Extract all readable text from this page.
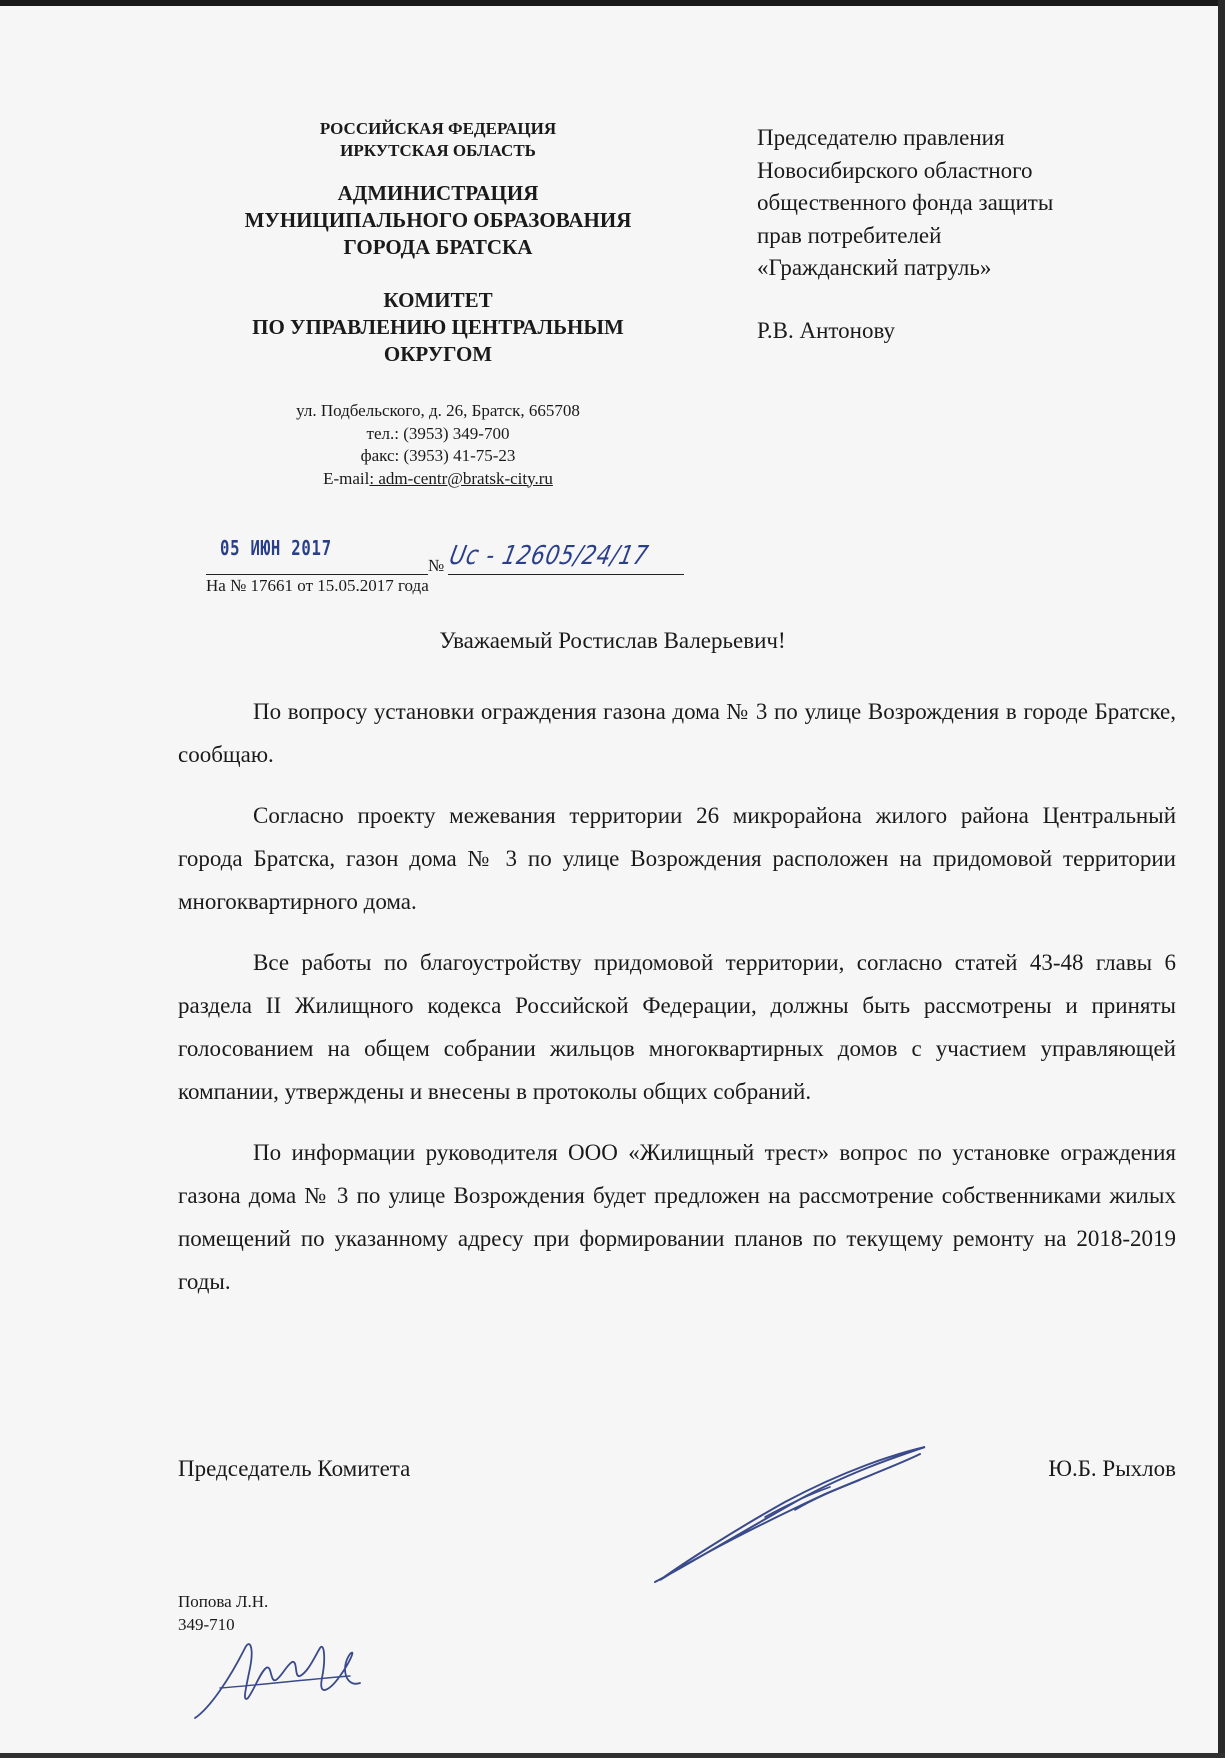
РОССИЙСКАЯ ФЕДЕРАЦИЯ
ИРКУТСКАЯ ОБЛАСТЬ
АДМИНИСТРАЦИЯ
МУНИЦИПАЛЬНОГО ОБРАЗОВАНИЯ
ГОРОДА БРАТСКА
КОМИТЕТ
ПО УПРАВЛЕНИЮ ЦЕНТРАЛЬНЫМ
ОКРУГОМ
ул. Подбельского, д. 26, Братск, 665708
тел.: (3953) 349-700
факс: (3953) 41-75-23
E-mail: adm-centr@bratsk-city.ru
Председателю правления
Новосибирского областного
общественного фонда защиты
прав потребителей
«Гражданский патруль»
Р.В. Антонову
05 ИЮН 2017
№ Uc - 12605/24/17
На № 17661 от 15.05.2017 года
Уважаемый Ростислав Валерьевич!

По вопросу установки ограждения газона дома № 3 по улице Возрождения в городе Братске, сообщаю.

Согласно проекту межевания территории 26 микрорайона жилого района Центральный города Братска, газон дома № 3 по улице Возрождения расположен на придомовой территории многоквартирного дома.

Все работы по благоустройству придомовой территории, согласно статей 43-48 главы 6 раздела II Жилищного кодекса Российской Федерации, должны быть рассмотрены и приняты голосованием на общем собрании жильцов многоквартирных домов с участием управляющей компании, утверждены и внесены в протоколы общих собраний.

По информации руководителя ООО «Жилищный трест» вопрос по установке ограждения газона дома № 3 по улице Возрождения будет предложен на рассмотрение собственниками жилых помещений по указанному адресу при формировании планов по текущему ремонту на 2018-2019 годы.

Председатель Комитета	Ю.Б. Рыхлов
Попова Л.Н.
349-710
